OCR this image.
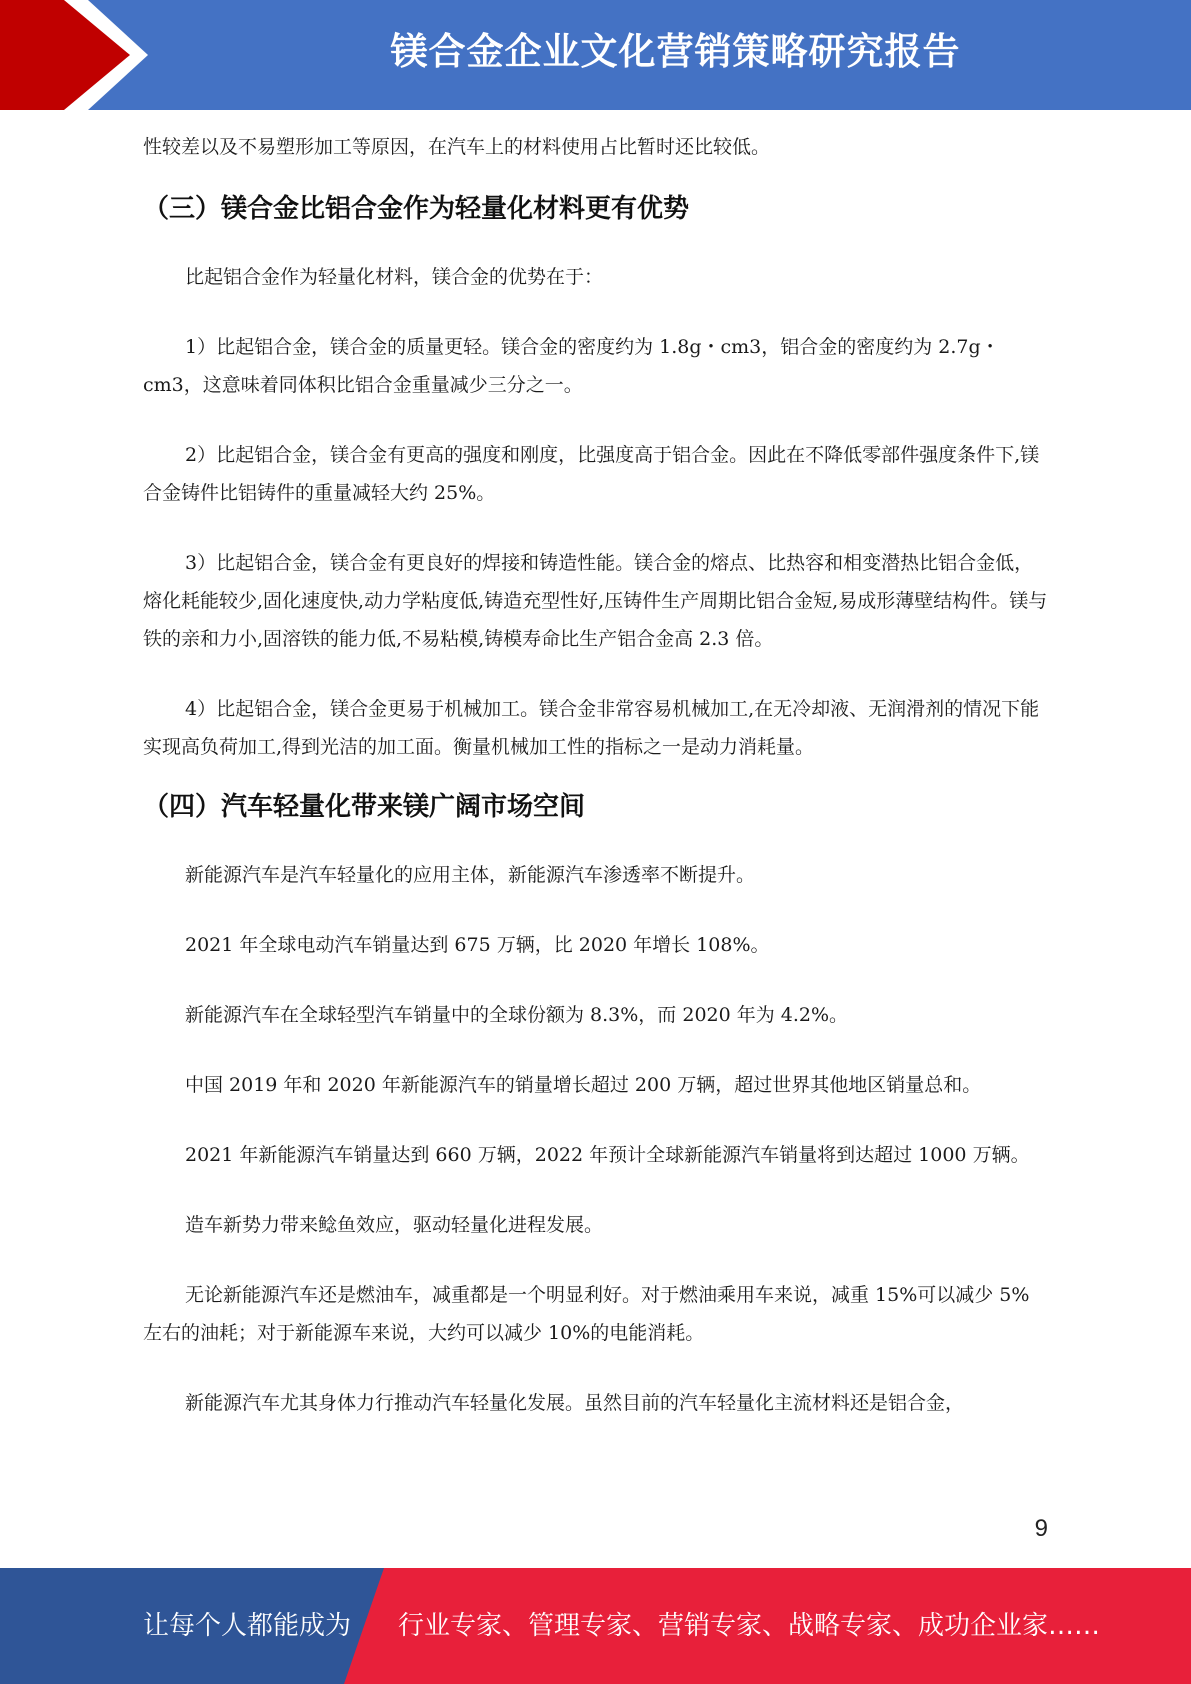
镁合金企业文化营销策略研究报告

性较差以及不易塑形加工等原因，在汽车上的材料使用占比暂时还比较低。

（三）镁合金比铝合金作为轻量化材料更有优势

比起铝合金作为轻量化材料，镁合金的优势在于：

1）比起铝合金，镁合金的质量更轻。镁合金的密度约为 1.8g・cm3，铝合金的密度约为 2.7g・cm3，这意味着同体积比铝合金重量减少三分之一。

2）比起铝合金，镁合金有更高的强度和刚度，比强度高于铝合金。因此在不降低零部件强度条件下,镁合金铸件比铝铸件的重量减轻大约 25%。

3）比起铝合金，镁合金有更良好的焊接和铸造性能。镁合金的熔点、比热容和相变潜热比铝合金低，熔化耗能较少,固化速度快,动力学粘度低,铸造充型性好,压铸件生产周期比铝合金短,易成形薄壁结构件。镁与铁的亲和力小,固溶铁的能力低,不易粘模,铸模寿命比生产铝合金高 2.3 倍。

4）比起铝合金，镁合金更易于机械加工。镁合金非常容易机械加工,在无冷却液、无润滑剂的情况下能实现高负荷加工,得到光洁的加工面。衡量机械加工性的指标之一是动力消耗量。

（四）汽车轻量化带来镁广阔市场空间

新能源汽车是汽车轻量化的应用主体，新能源汽车渗透率不断提升。

2021 年全球电动汽车销量达到 675 万辆，比 2020 年增长 108%。

新能源汽车在全球轻型汽车销量中的全球份额为 8.3%，而 2020 年为 4.2%。

中国 2019 年和 2020 年新能源汽车的销量增长超过 200 万辆，超过世界其他地区销量总和。

2021 年新能源汽车销量达到 660 万辆，2022 年预计全球新能源汽车销量将到达超过 1000 万辆。

造车新势力带来鲶鱼效应，驱动轻量化进程发展。

无论新能源汽车还是燃油车，减重都是一个明显利好。对于燃油乘用车来说，减重 15%可以减少 5%左右的油耗；对于新能源车来说，大约可以减少 10%的电能消耗。

新能源汽车尤其身体力行推动汽车轻量化发展。虽然目前的汽车轻量化主流材料还是铝合金，

9
让每个人都能成为 行业专家、管理专家、营销专家、战略专家、成功企业家……
